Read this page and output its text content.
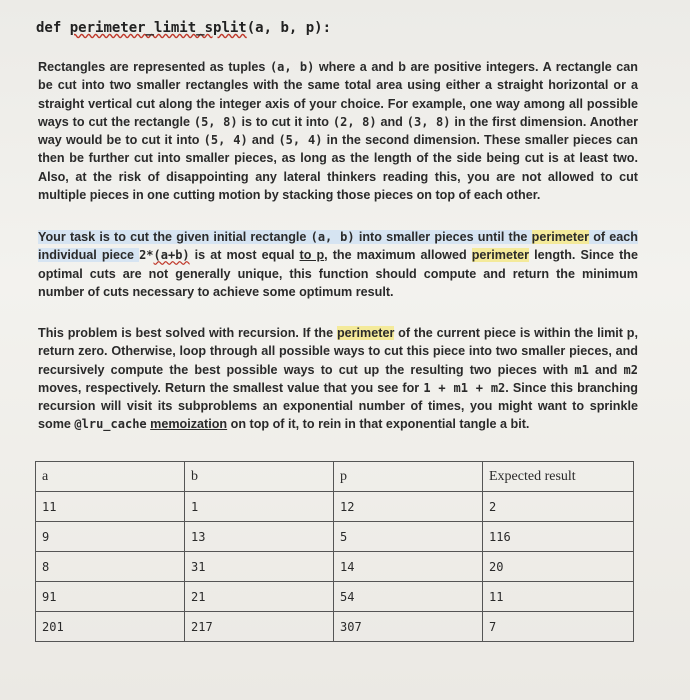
def perimeter_limit_split(a, b, p):
Rectangles are represented as tuples (a, b) where a and b are positive integers. A rectangle can be cut into two smaller rectangles with the same total area using either a straight horizontal or a straight vertical cut along the integer axis of your choice. For example, one way among all possible ways to cut the rectangle (5, 8) is to cut it into (2, 8) and (3, 8) in the first dimension. Another way would be to cut it into (5, 4) and (5, 4) in the second dimension. These smaller pieces can then be further cut into smaller pieces, as long as the length of the side being cut is at least two. Also, at the risk of disappointing any lateral thinkers reading this, you are not allowed to cut multiple pieces in one cutting motion by stacking those pieces on top of each other.
Your task is to cut the given initial rectangle (a, b) into smaller pieces until the perimeter of each individual piece 2*(a+b) is at most equal to p, the maximum allowed perimeter length. Since the optimal cuts are not generally unique, this function should compute and return the minimum number of cuts necessary to achieve some optimum result.
This problem is best solved with recursion. If the perimeter of the current piece is within the limit p, return zero. Otherwise, loop through all possible ways to cut this piece into two smaller pieces, and recursively compute the best possible ways to cut up the resulting two pieces with m1 and m2 moves, respectively. Return the smallest value that you see for 1 + m1 + m2. Since this branching recursion will visit its subproblems an exponential number of times, you might want to sprinkle some @lru_cache memoization on top of it, to rein in that exponential tangle a bit.
a	b	p	Expected result
11	1	12	2
9	13	5	116
8	31	14	20
91	21	54	11
201	217	307	7
